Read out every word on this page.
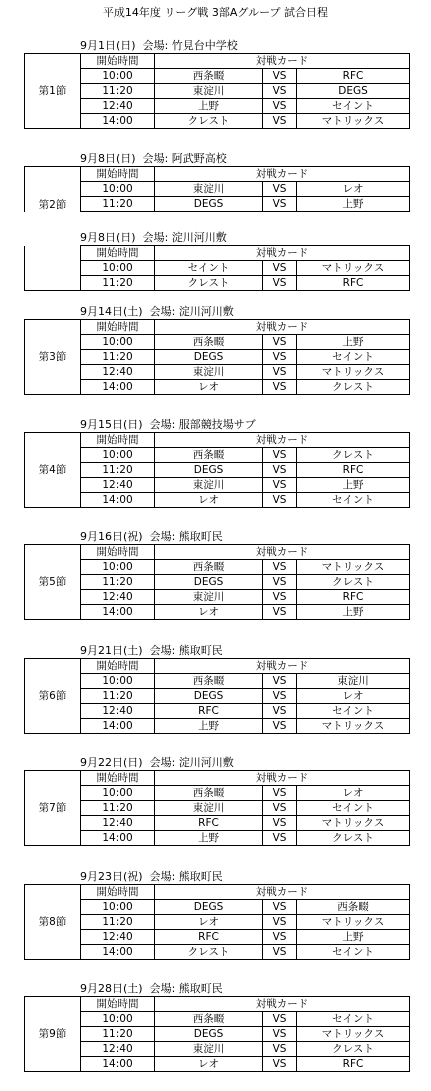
平成14年度 リーグ戦 3部Aグループ 試合日程
9月1日(日) 会場: 竹見台中学校
第1節	開始時間	対戦カード		
	10:00	西条畷	VS	RFC
	11:20	東淀川	VS	DEGS
	12:40	上野	VS	セイント
	14:00	クレスト	VS	マトリックス
9月8日(日) 会場: 阿武野高校
第2節	開始時間	対戦カード		
	10:00	東淀川	VS	レオ
	11:20	DEGS	VS	上野
9月8日(日) 会場: 淀川河川敷
	開始時間	対戦カード		
	10:00	セイント	VS	マトリックス
	11:20	クレスト	VS	RFC
9月14日(土) 会場: 淀川河川敷
第3節	開始時間	対戦カード		
	10:00	西条畷	VS	上野
	11:20	DEGS	VS	セイント
	12:40	東淀川	VS	マトリックス
	14:00	レオ	VS	クレスト
9月15日(日) 会場: 服部競技場サブ
第4節	開始時間	対戦カード		
	10:00	西条畷	VS	クレスト
	11:20	DEGS	VS	RFC
	12:40	東淀川	VS	上野
	14:00	レオ	VS	セイント
9月16日(祝) 会場: 熊取町民
第5節	開始時間	対戦カード		
	10:00	西条畷	VS	マトリックス
	11:20	DEGS	VS	クレスト
	12:40	東淀川	VS	RFC
	14:00	レオ	VS	上野
9月21日(土) 会場: 熊取町民
第6節	開始時間	対戦カード		
	10:00	西条畷	VS	東淀川
	11:20	DEGS	VS	レオ
	12:40	RFC	VS	セイント
	14:00	上野	VS	マトリックス
9月22日(日) 会場: 淀川河川敷
第7節	開始時間	対戦カード		
	10:00	西条畷	VS	レオ
	11:20	東淀川	VS	セイント
	12:40	RFC	VS	マトリックス
	14:00	上野	VS	クレスト
9月23日(祝) 会場: 熊取町民
第8節	開始時間	対戦カード		
	10:00	DEGS	VS	西条畷
	11:20	レオ	VS	マトリックス
	12:40	RFC	VS	上野
	14:00	クレスト	VS	セイント
9月28日(土) 会場: 熊取町民
第9節	開始時間	対戦カード		
	10:00	西条畷	VS	セイント
	11:20	DEGS	VS	マトリックス
	12:40	東淀川	VS	クレスト
	14:00	レオ	VS	RFC
